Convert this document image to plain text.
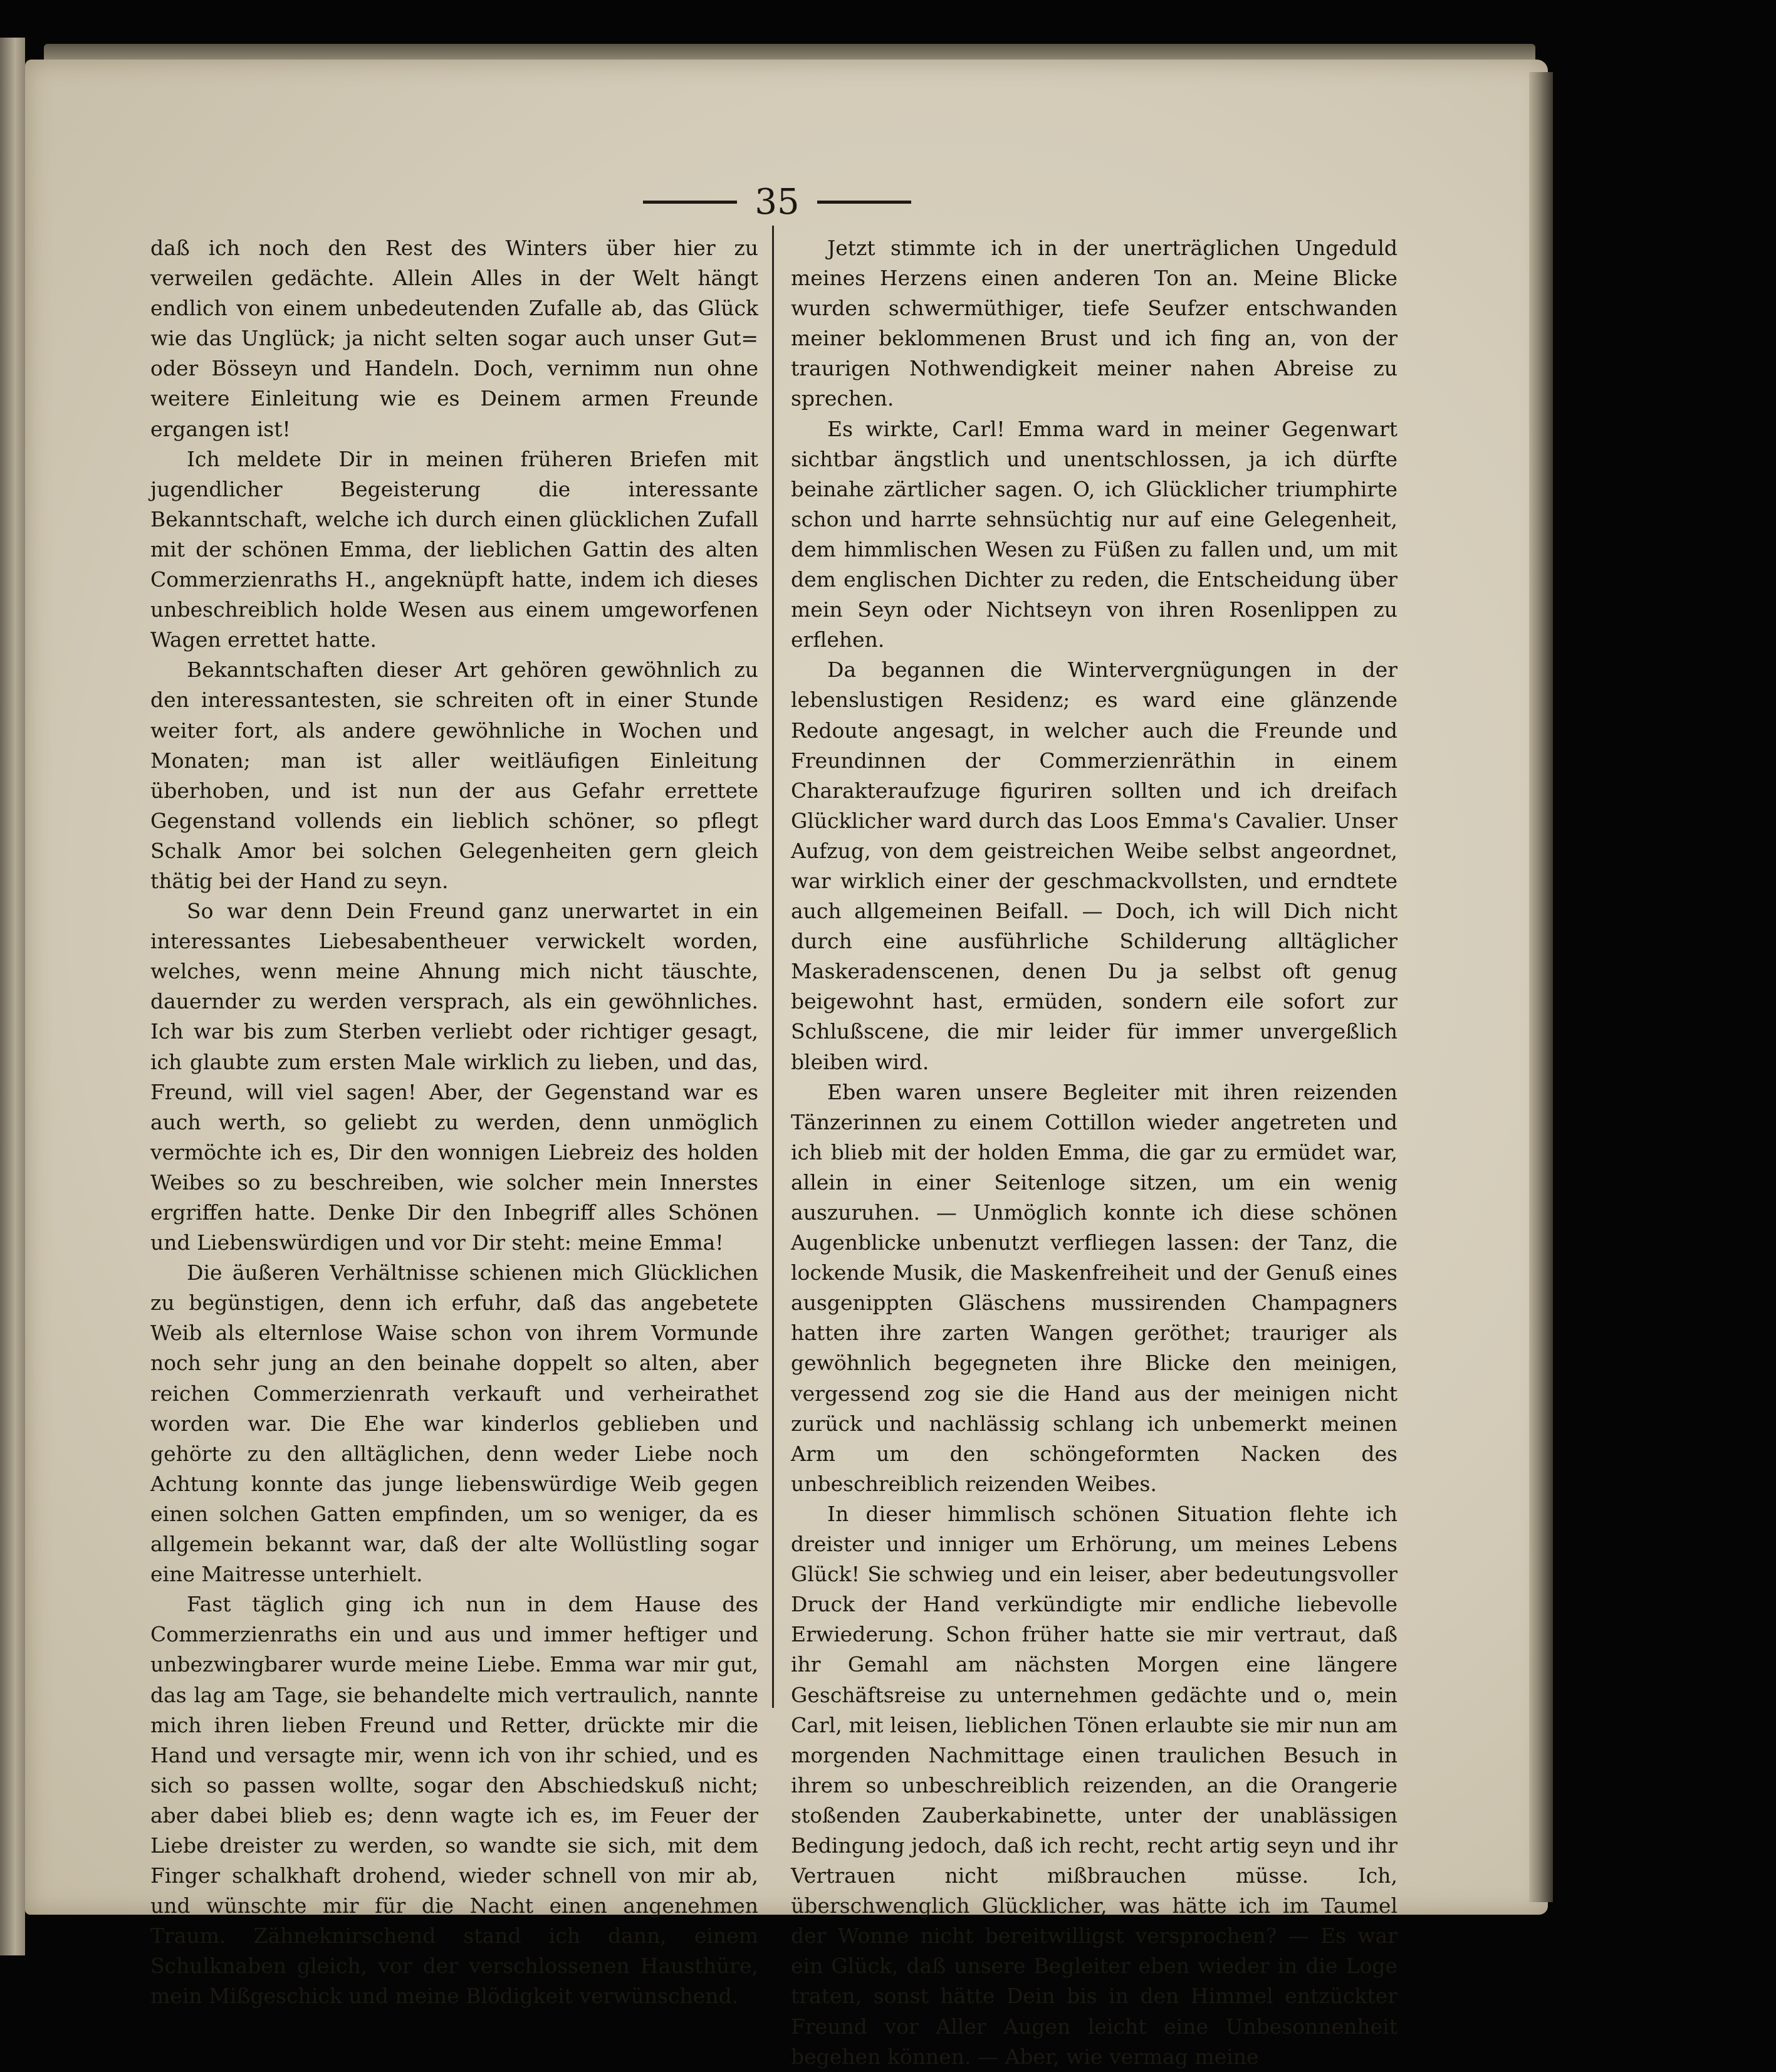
35

daß ich noch den Rest des Winters über hier zu verweilen gedächte. Allein Alles in der Welt hängt endlich von einem unbedeutenden Zufalle ab, das Glück wie das Unglück; ja nicht selten sogar auch unser Gut= oder Bösseyn und Handeln. Doch, vernimm nun ohne weitere Einleitung wie es Deinem armen Freunde ergangen ist!

Ich meldete Dir in meinen früheren Briefen mit jugendlicher Begeisterung die interessante Bekanntschaft, welche ich durch einen glücklichen Zufall mit der schönen Emma, der lieblichen Gattin des alten Commerzienraths H., angeknüpft hatte, indem ich dieses unbeschreiblich holde Wesen aus einem umgeworfenen Wagen errettet hatte.

Bekanntschaften dieser Art gehören gewöhnlich zu den interessantesten, sie schreiten oft in einer Stunde weiter fort, als andere gewöhnliche in Wochen und Monaten; man ist aller weitläufigen Einleitung überhoben, und ist nun der aus Gefahr errettete Gegenstand vollends ein lieblich schöner, so pflegt Schalk Amor bei solchen Gelegenheiten gern gleich thätig bei der Hand zu seyn.

So war denn Dein Freund ganz unerwartet in ein interessantes Liebesabentheuer verwickelt worden, welches, wenn meine Ahnung mich nicht täuschte, dauernder zu werden versprach, als ein gewöhnliches. Ich war bis zum Sterben verliebt oder richtiger gesagt, ich glaubte zum ersten Male wirklich zu lieben, und das, Freund, will viel sagen! Aber, der Gegenstand war es auch werth, so geliebt zu werden, denn unmöglich vermöchte ich es, Dir den wonnigen Liebreiz des holden Weibes so zu beschreiben, wie solcher mein Innerstes ergriffen hatte. Denke Dir den Inbegriff alles Schönen und Liebenswürdigen und vor Dir steht: meine Emma!

Die äußeren Verhältnisse schienen mich Glücklichen zu begünstigen, denn ich erfuhr, daß das angebetete Weib als elternlose Waise schon von ihrem Vormunde noch sehr jung an den beinahe doppelt so alten, aber reichen Commerzienrath verkauft und verheirathet worden war. Die Ehe war kinderlos geblieben und gehörte zu den alltäglichen, denn weder Liebe noch Achtung konnte das junge liebenswürdige Weib gegen einen solchen Gatten empfinden, um so weniger, da es allgemein bekannt war, daß der alte Wollüstling sogar eine Maitresse unterhielt.

Fast täglich ging ich nun in dem Hause des Commerzienraths ein und aus und immer heftiger und unbezwingbarer wurde meine Liebe. Emma war mir gut, das lag am Tage, sie behandelte mich vertraulich, nannte mich ihren lieben Freund und Retter, drückte mir die Hand und versagte mir, wenn ich von ihr schied, und es sich so passen wollte, sogar den Abschiedskuß nicht; aber dabei blieb es; denn wagte ich es, im Feuer der Liebe dreister zu werden, so wandte sie sich, mit dem Finger schalkhaft drohend, wieder schnell von mir ab, und wünschte mir für die Nacht einen angenehmen Traum. Zähneknirschend stand ich dann, einem Schulknaben gleich, vor der verschlossenen Hausthüre, mein Mißgeschick und meine Blödigkeit verwünschend.

Jetzt stimmte ich in der unerträglichen Ungeduld meines Herzens einen anderen Ton an. Meine Blicke wurden schwermüthiger, tiefe Seufzer entschwanden meiner beklommenen Brust und ich fing an, von der traurigen Nothwendigkeit meiner nahen Abreise zu sprechen.

Es wirkte, Carl! Emma ward in meiner Gegenwart sichtbar ängstlich und unentschlossen, ja ich dürfte beinahe zärtlicher sagen. O, ich Glücklicher triumphirte schon und harrte sehnsüchtig nur auf eine Gelegenheit, dem himmlischen Wesen zu Füßen zu fallen und, um mit dem englischen Dichter zu reden, die Entscheidung über mein Seyn oder Nichtseyn von ihren Rosenlippen zu erflehen.

Da begannen die Wintervergnügungen in der lebenslustigen Residenz; es ward eine glänzende Redoute angesagt, in welcher auch die Freunde und Freundinnen der Commerzienräthin in einem Charakteraufzuge figuriren sollten und ich dreifach Glücklicher ward durch das Loos Emma's Cavalier. Unser Aufzug, von dem geistreichen Weibe selbst angeordnet, war wirklich einer der geschmackvollsten, und erndtete auch allgemeinen Beifall. — Doch, ich will Dich nicht durch eine ausführliche Schilderung alltäglicher Maskeradenscenen, denen Du ja selbst oft genug beigewohnt hast, ermüden, sondern eile sofort zur Schlußscene, die mir leider für immer unvergeßlich bleiben wird.

Eben waren unsere Begleiter mit ihren reizenden Tänzerinnen zu einem Cottillon wieder angetreten und ich blieb mit der holden Emma, die gar zu ermüdet war, allein in einer Seitenloge sitzen, um ein wenig auszuruhen. — Unmöglich konnte ich diese schönen Augenblicke unbenutzt verfliegen lassen: der Tanz, die lockende Musik, die Maskenfreiheit und der Genuß eines ausgenippten Gläschens mussirenden Champagners hatten ihre zarten Wangen geröthet; trauriger als gewöhnlich begegneten ihre Blicke den meinigen, vergessend zog sie die Hand aus der meinigen nicht zurück und nachlässig schlang ich unbemerkt meinen Arm um den schöngeformten Nacken des unbeschreiblich reizenden Weibes.

In dieser himmlisch schönen Situation flehte ich dreister und inniger um Erhörung, um meines Lebens Glück! Sie schwieg und ein leiser, aber bedeutungsvoller Druck der Hand verkündigte mir endliche liebevolle Erwiederung. Schon früher hatte sie mir vertraut, daß ihr Gemahl am nächsten Morgen eine längere Geschäftsreise zu unternehmen gedächte und o, mein Carl, mit leisen, lieblichen Tönen erlaubte sie mir nun am morgenden Nachmittage einen traulichen Besuch in ihrem so unbeschreiblich reizenden, an die Orangerie stoßenden Zauberkabinette, unter der unablässigen Bedingung jedoch, daß ich recht, recht artig seyn und ihr Vertrauen nicht mißbrauchen müsse. Ich, überschwenglich Glücklicher, was hätte ich im Taumel der Wonne nicht bereitwilligst versprochen? — Es war ein Glück, daß unsere Begleiter eben wieder in die Loge traten, sonst hätte Dein bis in den Himmel entzückter Freund vor Aller Augen leicht eine Unbesonnenheit begehen können. — Aber, wie vermag meine
